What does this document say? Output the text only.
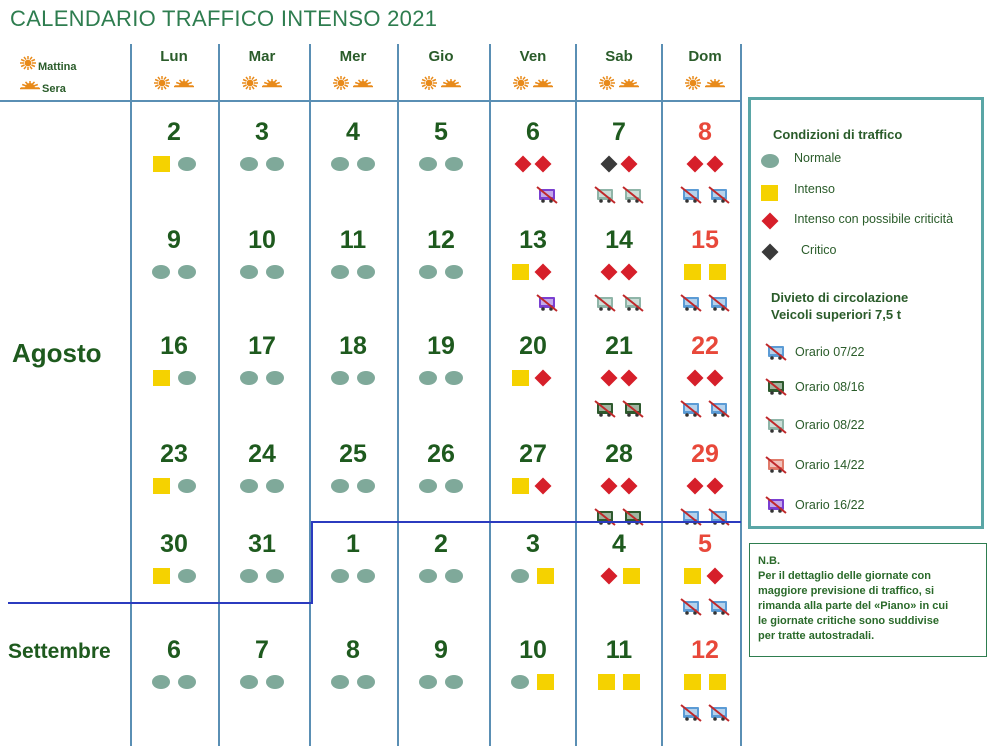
CALENDARIO TRAFFICO INTENSO 2021
Agosto
Settembre
Condizioni di traffico
Normale
Intenso
Intenso con possibile criticità
Critico
Divieto di circolazione
Veicoli superiori 7,5 t
Orario 07/22
Orario 08/16
Orario 08/22
Orario 14/22
Orario 16/22
N.B.
Per il dettaglio delle giornate con
maggiore previsione di traffico, si
rimanda alla parte del «Piano» in cui
le giornate critiche sono suddivise
per tratte autostradali.
Mattina
Sera
Lun	Mar	Mer	Gio	Ven	Sab	Dom
2	3	4	5	6	7	8
9	10	11	12	13	14	15
16	17	18	19	20	21	22
23	24	25	26	27	28	29
30	31	1	2	3	4	5
6	7	8	9	10	11	12
